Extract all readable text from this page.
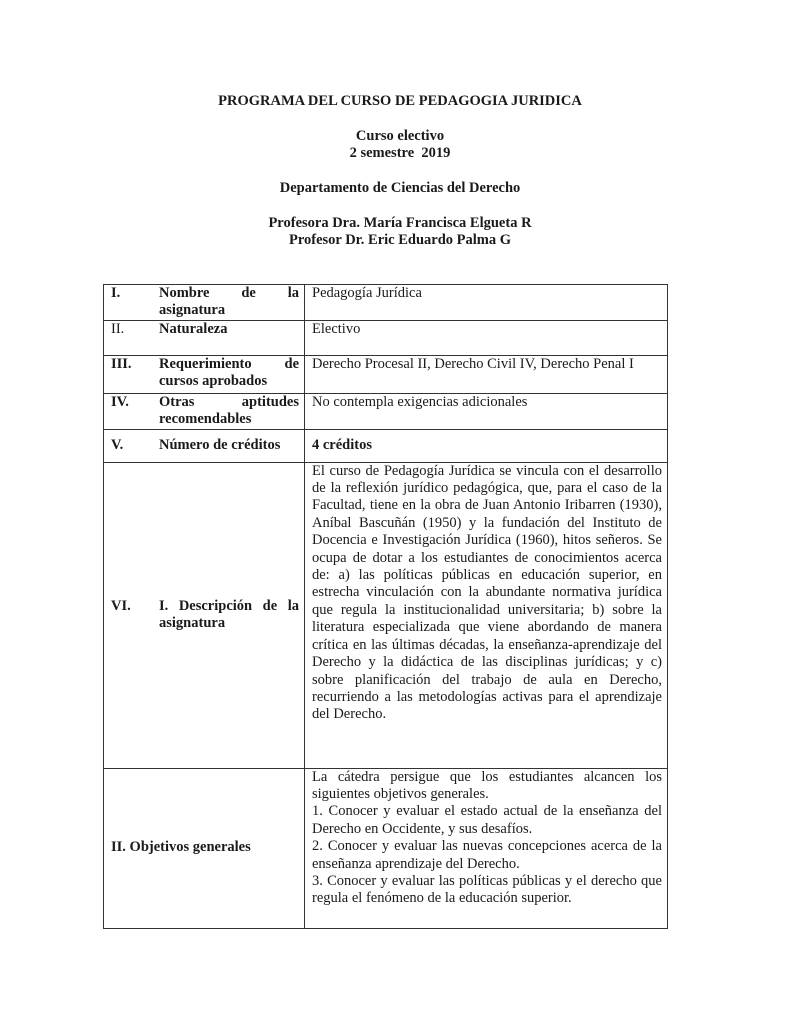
PROGRAMA DEL CURSO DE PEDAGOGIA JURIDICA
Curso electivo
2 semestre  2019
Departamento de Ciencias del Derecho
Profesora Dra. María Francisca Elgueta R
Profesor Dr. Eric Eduardo Palma G
I. Nombre de la
asignatura	Pedagogía Jurídica

II. Naturaleza	Electivo

III. Requerimiento de
cursos aprobados	Derecho Procesal II, Derecho Civil IV, Derecho Penal I

IV. Otras aptitudes
recomendables	No contempla exigencias adicionales

V. Número de créditos	4 créditos

VI. I. Descripción de la asignatura	El curso de Pedagogía Jurídica se vincula con el desarrollo de la reflexión jurídico pedagógica, que, para el caso de la Facultad, tiene en la obra de Juan Antonio Iribarren (1930), Aníbal Bascuñán (1950) y la fundación del Instituto de Docencia e Investigación Jurídica (1960), hitos señeros. Se ocupa de dotar a los estudiantes de conocimientos acerca de: a) las políticas públicas en educación superior, en estrecha vinculación con la abundante normativa jurídica que regula la institucionalidad universitaria; b) sobre la literatura especializada que viene abordando de manera crítica en las últimas décadas, la enseñanza-aprendizaje del Derecho y la didáctica de las disciplinas jurídicas; y c) sobre planificación del trabajo de aula en Derecho, recurriendo a las metodologías activas para el aprendizaje del Derecho.

II. Objetivos generales	La cátedra persigue que los estudiantes alcancen los siguientes objetivos generales.

1. Conocer y evaluar el estado actual de la enseñanza del Derecho en Occidente, y sus desafíos.

2. Conocer y evaluar las nuevas concepciones acerca de la enseñanza aprendizaje del Derecho.

3. Conocer y evaluar las políticas públicas y el derecho que regula el fenómeno de la educación superior.
